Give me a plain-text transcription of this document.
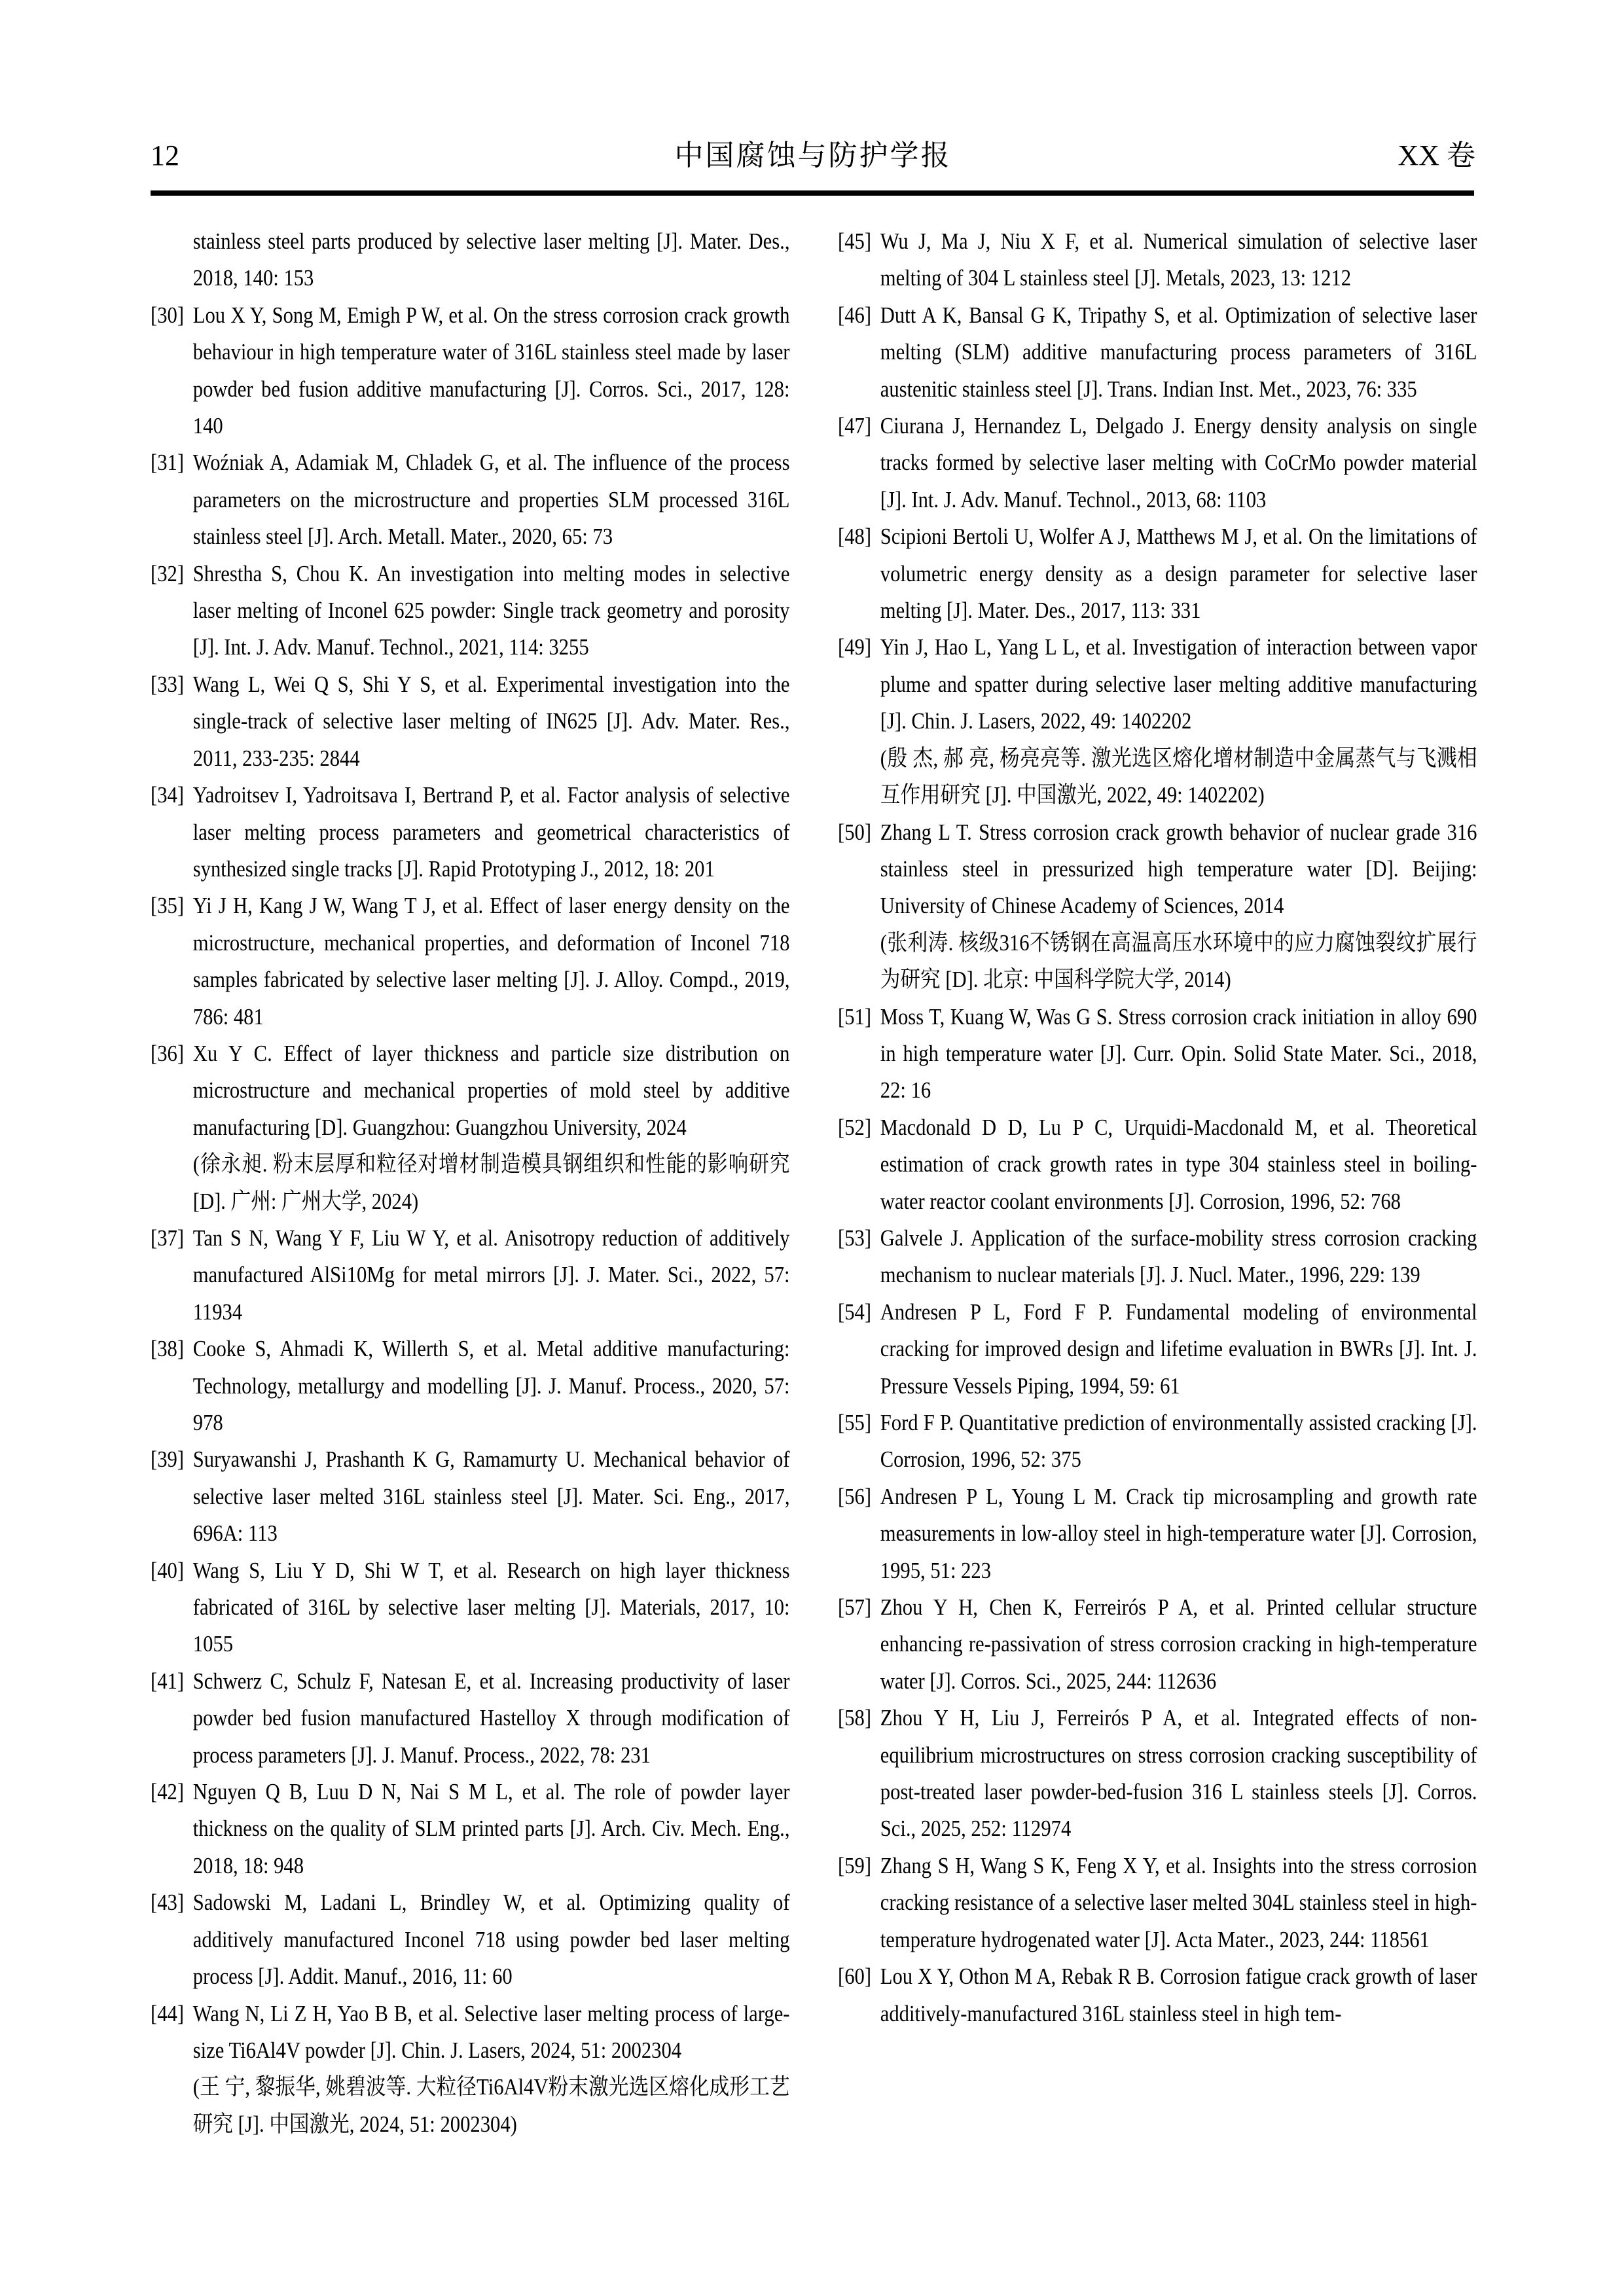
12	中国腐蚀与防护学报	XX 卷
stainless steel parts produced by selective laser melting [J]. Mater. Des., 2018, 140: 153
[30] Lou X Y, Song M, Emigh P W, et al. On the stress corrosion crack growth behaviour in high temperature water of 316L stainless steel made by laser powder bed fusion additive manufacturing [J]. Corros. Sci., 2017, 128: 140
[31] Woźniak A, Adamiak M, Chladek G, et al. The influence of the process parameters on the microstructure and properties SLM processed 316L stainless steel [J]. Arch. Metall. Mater., 2020, 65: 73
[32] Shrestha S, Chou K. An investigation into melting modes in selective laser melting of Inconel 625 powder: Single track geometry and porosity [J]. Int. J. Adv. Manuf. Technol., 2021, 114: 3255
[33] Wang L, Wei Q S, Shi Y S, et al. Experimental investigation into the single-track of selective laser melting of IN625 [J]. Adv. Mater. Res., 2011, 233-235: 2844
[34] Yadroitsev I, Yadroitsava I, Bertrand P, et al. Factor analysis of selective laser melting process parameters and geometrical characteristics of synthesized single tracks [J]. Rapid Prototyping J., 2012, 18: 201
[35] Yi J H, Kang J W, Wang T J, et al. Effect of laser energy density on the microstructure, mechanical properties, and deformation of Inconel 718 samples fabricated by selective laser melting [J]. J. Alloy. Compd., 2019, 786: 481
[36] Xu Y C. Effect of layer thickness and particle size distribution on microstructure and mechanical properties of mold steel by additive manufacturing [D]. Guangzhou: Guangzhou University, 2024
(徐永昶. 粉末层厚和粒径对增材制造模具钢组织和性能的影响研究 [D]. 广州: 广州大学, 2024)
[37] Tan S N, Wang Y F, Liu W Y, et al. Anisotropy reduction of additively manufactured AlSi10Mg for metal mirrors [J]. J. Mater. Sci., 2022, 57: 11934
[38] Cooke S, Ahmadi K, Willerth S, et al. Metal additive manufacturing: Technology, metallurgy and modelling [J]. J. Manuf. Process., 2020, 57: 978
[39] Suryawanshi J, Prashanth K G, Ramamurty U. Mechanical behavior of selective laser melted 316L stainless steel [J]. Mater. Sci. Eng., 2017, 696A: 113
[40] Wang S, Liu Y D, Shi W T, et al. Research on high layer thickness fabricated of 316L by selective laser melting [J]. Materials, 2017, 10: 1055
[41] Schwerz C, Schulz F, Natesan E, et al. Increasing productivity of laser powder bed fusion manufactured Hastelloy X through modification of process parameters [J]. J. Manuf. Process., 2022, 78: 231
[42] Nguyen Q B, Luu D N, Nai S M L, et al. The role of powder layer thickness on the quality of SLM printed parts [J]. Arch. Civ. Mech. Eng., 2018, 18: 948
[43] Sadowski M, Ladani L, Brindley W, et al. Optimizing quality of additively manufactured Inconel 718 using powder bed laser melting process [J]. Addit. Manuf., 2016, 11: 60
[44] Wang N, Li Z H, Yao B B, et al. Selective laser melting process of large-size Ti6Al4V powder [J]. Chin. J. Lasers, 2024, 51: 2002304
(王 宁, 黎振华, 姚碧波等. 大粒径Ti6Al4V粉末激光选区熔化成形工艺研究 [J]. 中国激光, 2024, 51: 2002304)
[45] Wu J, Ma J, Niu X F, et al. Numerical simulation of selective laser melting of 304 L stainless steel [J]. Metals, 2023, 13: 1212
[46] Dutt A K, Bansal G K, Tripathy S, et al. Optimization of selective laser melting (SLM) additive manufacturing process parameters of 316L austenitic stainless steel [J]. Trans. Indian Inst. Met., 2023, 76: 335
[47] Ciurana J, Hernandez L, Delgado J. Energy density analysis on single tracks formed by selective laser melting with CoCrMo powder material [J]. Int. J. Adv. Manuf. Technol., 2013, 68: 1103
[48] Scipioni Bertoli U, Wolfer A J, Matthews M J, et al. On the limitations of volumetric energy density as a design parameter for selective laser melting [J]. Mater. Des., 2017, 113: 331
[49] Yin J, Hao L, Yang L L, et al. Investigation of interaction between vapor plume and spatter during selective laser melting additive manufacturing [J]. Chin. J. Lasers, 2022, 49: 1402202
(殷 杰, 郝 亮, 杨亮亮等. 激光选区熔化增材制造中金属蒸气与飞溅相互作用研究 [J]. 中国激光, 2022, 49: 1402202)
[50] Zhang L T. Stress corrosion crack growth behavior of nuclear grade 316 stainless steel in pressurized high temperature water [D]. Beijing: University of Chinese Academy of Sciences, 2014
(张利涛. 核级316不锈钢在高温高压水环境中的应力腐蚀裂纹扩展行为研究 [D]. 北京: 中国科学院大学, 2014)
[51] Moss T, Kuang W, Was G S. Stress corrosion crack initiation in alloy 690 in high temperature water [J]. Curr. Opin. Solid State Mater. Sci., 2018, 22: 16
[52] Macdonald D D, Lu P C, Urquidi-Macdonald M, et al. Theoretical estimation of crack growth rates in type 304 stainless steel in boiling-water reactor coolant environments [J]. Corrosion, 1996, 52: 768
[53] Galvele J. Application of the surface-mobility stress corrosion cracking mechanism to nuclear materials [J]. J. Nucl. Mater., 1996, 229: 139
[54] Andresen P L, Ford F P. Fundamental modeling of environmental cracking for improved design and lifetime evaluation in BWRs [J]. Int. J. Pressure Vessels Piping, 1994, 59: 61
[55] Ford F P. Quantitative prediction of environmentally assisted cracking [J]. Corrosion, 1996, 52: 375
[56] Andresen P L, Young L M. Crack tip microsampling and growth rate measurements in low-alloy steel in high-temperature water [J]. Corrosion, 1995, 51: 223
[57] Zhou Y H, Chen K, Ferreirós P A, et al. Printed cellular structure enhancing re-passivation of stress corrosion cracking in high-temperature water [J]. Corros. Sci., 2025, 244: 112636
[58] Zhou Y H, Liu J, Ferreirós P A, et al. Integrated effects of non-equilibrium microstructures on stress corrosion cracking susceptibility of post-treated laser powder-bed-fusion 316 L stainless steels [J]. Corros. Sci., 2025, 252: 112974
[59] Zhang S H, Wang S K, Feng X Y, et al. Insights into the stress corrosion cracking resistance of a selective laser melted 304L stainless steel in high-temperature hydrogenated water [J]. Acta Mater., 2023, 244: 118561
[60] Lou X Y, Othon M A, Rebak R B. Corrosion fatigue crack growth of laser additively-manufactured 316L stainless steel in high tem-
